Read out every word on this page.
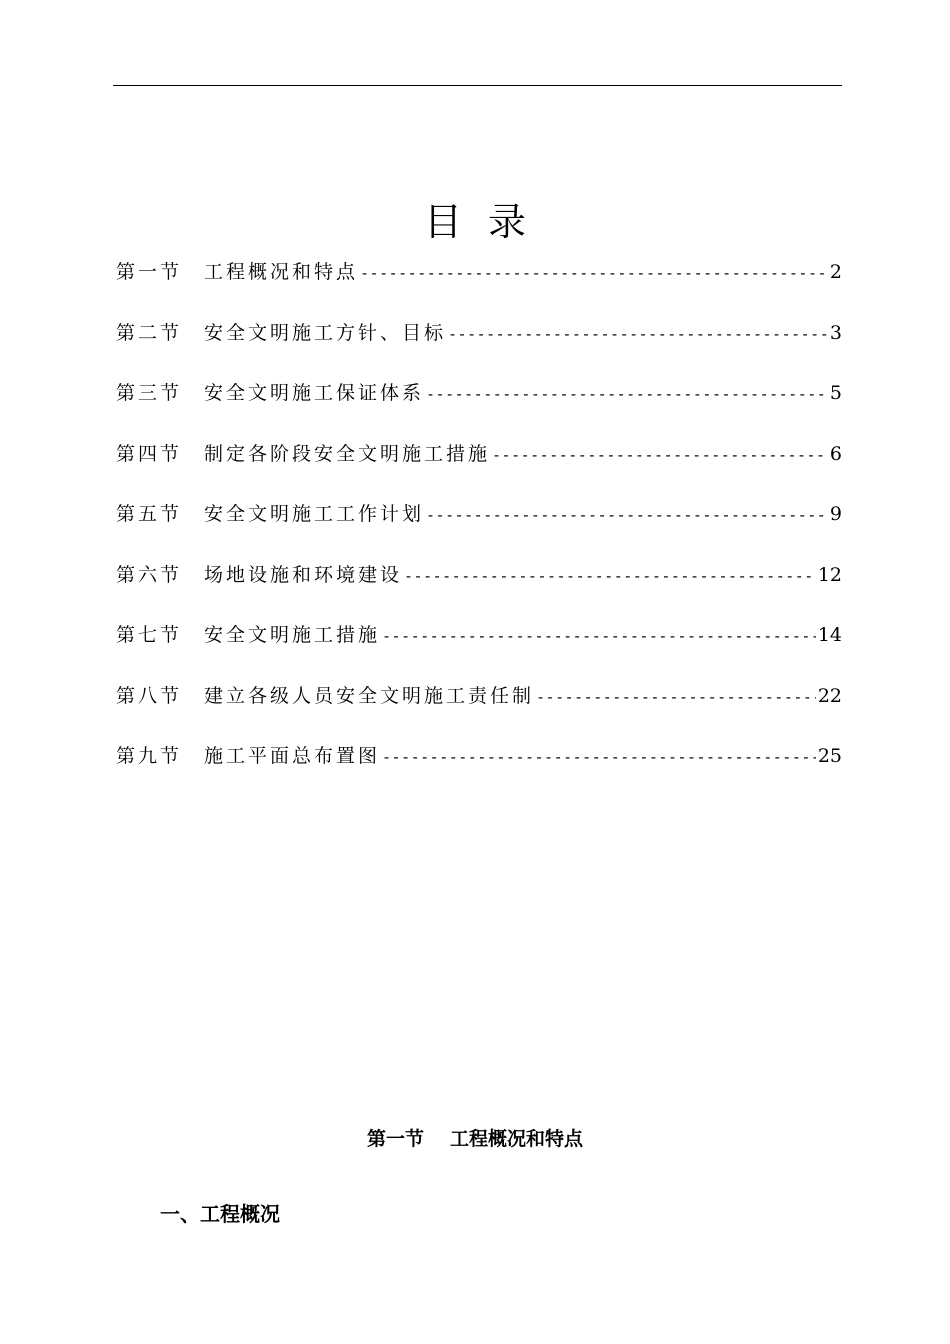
目录
第一节	工程概况和特点 -----	2
第二节	安全文明施工方针、目标 -----	3
第三节	安全文明施工保证体系 -----	5
第四节	制定各阶段安全文明施工措施 -----	6
第五节	安全文明施工工作计划 -----	9
第六节	场地设施和环境建设 -----	12
第七节	安全文明施工措施 -----	14
第八节	建立各级人员安全文明施工责任制 -----	22
第九节	施工平面总布置图 -----	25
第一节 工程概况和特点
一、工程概况
